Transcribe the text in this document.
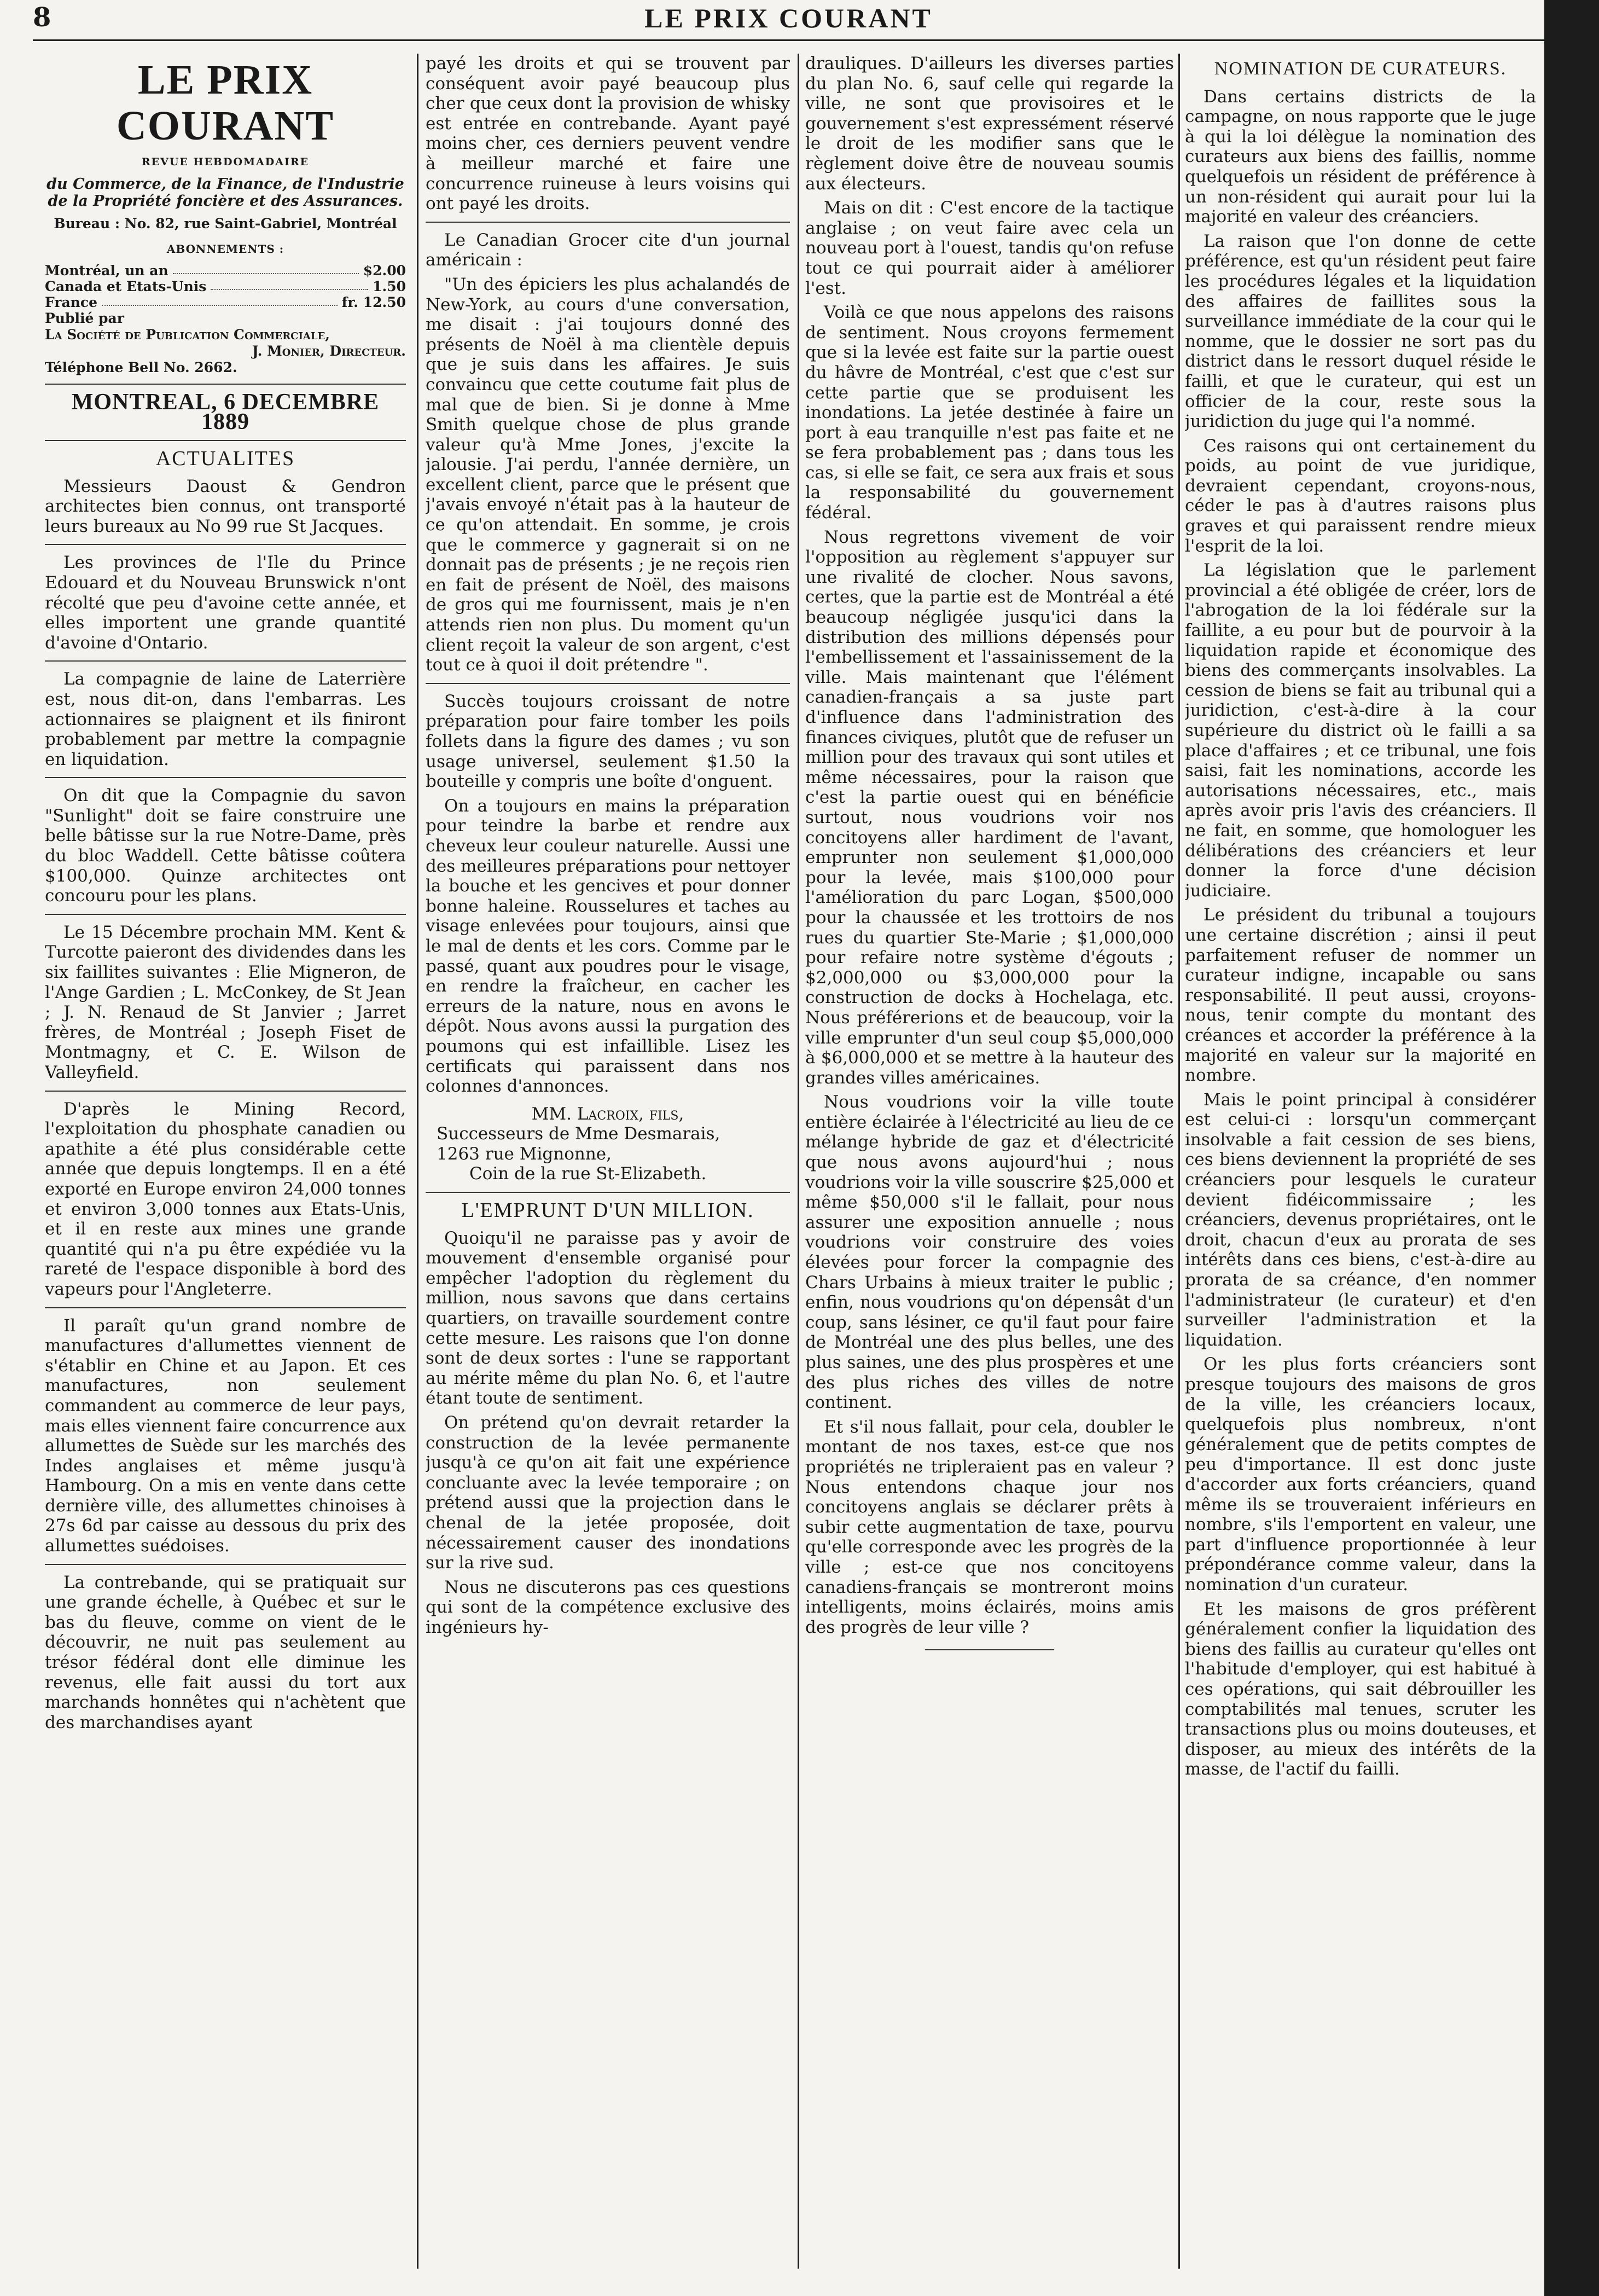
LE PRIX COURANT
8
LE PRIX COURANT
REVUE HEBDOMADAIRE
du Commerce, de la Finance, de l'Industrie de la Propriété foncière et des Assurances.
Bureau : No. 82, rue Saint-Gabriel, Montréal
ABONNEMENTS :
Montréal, un an	$2.00
Canada et Etats-Unis	1.50
France	fr. 12.50
Publié par
La Société de Publication Commerciale,
J. Monier, Directeur.
Téléphone Bell No. 2662.
MONTREAL, 6 DECEMBRE 1889
ACTUALITES

Messieurs Daoust & Gendron architectes bien connus, ont transporté leurs bureaux au No 99 rue St Jacques.

Les provinces de l'Ile du Prince Edouard et du Nouveau Brunswick n'ont récolté que peu d'avoine cette année, et elles importent une grande quantité d'avoine d'Ontario.

La compagnie de laine de Laterrière est, nous dit-on, dans l'embarras. Les actionnaires se plaignent et ils finiront probablement par mettre la compagnie en liquidation.

On dit que la Compagnie du savon "Sunlight" doit se faire construire une belle bâtisse sur la rue Notre-Dame, près du bloc Waddell. Cette bâtisse coûtera $100,000. Quinze architectes ont concouru pour les plans.

Le 15 Décembre prochain MM. Kent & Turcotte paieront des dividendes dans les six faillites suivantes : Elie Migneron, de l'Ange Gardien ; L. McConkey, de St Jean ; J. N. Renaud de St Janvier ; Jarret frères, de Montréal ; Joseph Fiset de Montmagny, et C. E. Wilson de Valleyfield.

D'après le Mining Record, l'exploitation du phosphate canadien ou apathite a été plus considérable cette année que depuis longtemps. Il en a été exporté en Europe environ 24,000 tonnes et environ 3,000 tonnes aux Etats-Unis, et il en reste aux mines une grande quantité qui n'a pu être expédiée vu la rareté de l'espace disponible à bord des vapeurs pour l'Angleterre.

Il paraît qu'un grand nombre de manufactures d'allumettes viennent de s'établir en Chine et au Japon. Et ces manufactures, non seulement commandent au commerce de leur pays, mais elles viennent faire concurrence aux allumettes de Suède sur les marchés des Indes anglaises et même jusqu'à Hambourg. On a mis en vente dans cette dernière ville, des allumettes chinoises à 27s 6d par caisse au dessous du prix des allumettes suédoises.

La contrebande, qui se pratiquait sur une grande échelle, à Québec et sur le bas du fleuve, comme on vient de le découvrir, ne nuit pas seulement au trésor fédéral dont elle diminue les revenus, elle fait aussi du tort aux marchands honnêtes qui n'achètent que des marchandises ayant

payé les droits et qui se trouvent par conséquent avoir payé beaucoup plus cher que ceux dont la provision de whisky est entrée en contrebande. Ayant payé moins cher, ces derniers peuvent vendre à meilleur marché et faire une concurrence ruineuse à leurs voisins qui ont payé les droits.

Le Canadian Grocer cite d'un journal américain :

"Un des épiciers les plus achalandés de New-York, au cours d'une conversation, me disait : j'ai toujours donné des présents de Noël à ma clientèle depuis que je suis dans les affaires. Je suis convaincu que cette coutume fait plus de mal que de bien. Si je donne à Mme Smith quelque chose de plus grande valeur qu'à Mme Jones, j'excite la jalousie. J'ai perdu, l'année dernière, un excellent client, parce que le présent que j'avais envoyé n'était pas à la hauteur de ce qu'on attendait. En somme, je crois que le commerce y gagnerait si on ne donnait pas de présents ; je ne reçois rien en fait de présent de Noël, des maisons de gros qui me fournissent, mais je n'en attends rien non plus. Du moment qu'un client reçoit la valeur de son argent, c'est tout ce à quoi il doit prétendre ".

Succès toujours croissant de notre préparation pour faire tomber les poils follets dans la figure des dames ; vu son usage universel, seulement $1.50 la bouteille y compris une boîte d'onguent.

On a toujours en mains la préparation pour teindre la barbe et rendre aux cheveux leur couleur naturelle. Aussi une des meilleures préparations pour nettoyer la bouche et les gencives et pour donner bonne haleine. Rousselures et taches au visage enlevées pour toujours, ainsi que le mal de dents et les cors. Comme par le passé, quant aux poudres pour le visage, en rendre la fraîcheur, en cacher les erreurs de la nature, nous en avons le dépôt. Nous avons aussi la purgation des poumons qui est infaillible. Lisez les certificats qui paraissent dans nos colonnes d'annonces.

MM. Lacroix, fils,

Successeurs de Mme Desmarais,

1263 rue Mignonne,

Coin de la rue St-Elizabeth.

L'EMPRUNT D'UN MILLION.

Quoiqu'il ne paraisse pas y avoir de mouvement d'ensemble organisé pour empêcher l'adoption du règlement du million, nous savons que dans certains quartiers, on travaille sourdement contre cette mesure. Les raisons que l'on donne sont de deux sortes : l'une se rapportant au mérite même du plan No. 6, et l'autre étant toute de sentiment.

On prétend qu'on devrait retarder la construction de la levée permanente jusqu'à ce qu'on ait fait une expérience concluante avec la levée temporaire ; on prétend aussi que la projection dans le chenal de la jetée proposée, doit nécessairement causer des inondations sur la rive sud.

Nous ne discuterons pas ces questions qui sont de la compétence exclusive des ingénieurs hy-

drauliques. D'ailleurs les diverses parties du plan No. 6, sauf celle qui regarde la ville, ne sont que provisoires et le gouvernement s'est expressément réservé le droit de les modifier sans que le règlement doive être de nouveau soumis aux électeurs.

Mais on dit : C'est encore de la tactique anglaise ; on veut faire avec cela un nouveau port à l'ouest, tandis qu'on refuse tout ce qui pourrait aider à améliorer l'est.

Voilà ce que nous appelons des raisons de sentiment. Nous croyons fermement que si la levée est faite sur la partie ouest du hâvre de Montréal, c'est que c'est sur cette partie que se produisent les inondations. La jetée destinée à faire un port à eau tranquille n'est pas faite et ne se fera probablement pas ; dans tous les cas, si elle se fait, ce sera aux frais et sous la responsabilité du gouvernement fédéral.

Nous regrettons vivement de voir l'opposition au règlement s'appuyer sur une rivalité de clocher. Nous savons, certes, que la partie est de Montréal a été beaucoup négligée jusqu'ici dans la distribution des millions dépensés pour l'embellissement et l'assainissement de la ville. Mais maintenant que l'élément canadien-français a sa juste part d'influence dans l'administration des finances civiques, plutôt que de refuser un million pour des travaux qui sont utiles et même nécessaires, pour la raison que c'est la partie ouest qui en bénéficie surtout, nous voudrions voir nos concitoyens aller hardiment de l'avant, emprunter non seulement $1,000,000 pour la levée, mais $100,000 pour l'amélioration du parc Logan, $500,000 pour la chaussée et les trottoirs de nos rues du quartier Ste-Marie ; $1,000,000 pour refaire notre système d'égouts ; $2,000,000 ou $3,000,000 pour la construction de docks à Hochelaga, etc. Nous préférerions et de beaucoup, voir la ville emprunter d'un seul coup $5,000,000 à $6,000,000 et se mettre à la hauteur des grandes villes américaines.

Nous voudrions voir la ville toute entière éclairée à l'électricité au lieu de ce mélange hybride de gaz et d'électricité que nous avons aujourd'hui ; nous voudrions voir la ville souscrire $25,000 et même $50,000 s'il le fallait, pour nous assurer une exposition annuelle ; nous voudrions voir construire des voies élevées pour forcer la compagnie des Chars Urbains à mieux traiter le public ; enfin, nous voudrions qu'on dépensât d'un coup, sans lésiner, ce qu'il faut pour faire de Montréal une des plus belles, une des plus saines, une des plus prospères et une des plus riches des villes de notre continent.

Et s'il nous fallait, pour cela, doubler le montant de nos taxes, est-ce que nos propriétés ne tripleraient pas en valeur ? Nous entendons chaque jour nos concitoyens anglais se déclarer prêts à subir cette augmentation de taxe, pourvu qu'elle corresponde avec les progrès de la ville ; est-ce que nos concitoyens canadiens-français se montreront moins intelligents, moins éclairés, moins amis des progrès de leur ville ?

NOMINATION DE CURATEURS.

Dans certains districts de la campagne, on nous rapporte que le juge à qui la loi délègue la nomination des curateurs aux biens des faillis, nomme quelquefois un résident de préférence à un non-résident qui aurait pour lui la majorité en valeur des créanciers.

La raison que l'on donne de cette préférence, est qu'un résident peut faire les procédures légales et la liquidation des affaires de faillites sous la surveillance immédiate de la cour qui le nomme, que le dossier ne sort pas du district dans le ressort duquel réside le failli, et que le curateur, qui est un officier de la cour, reste sous la juridiction du juge qui l'a nommé.

Ces raisons qui ont certainement du poids, au point de vue juridique, devraient cependant, croyons-nous, céder le pas à d'autres raisons plus graves et qui paraissent rendre mieux l'esprit de la loi.

La législation que le parlement provincial a été obligée de créer, lors de l'abrogation de la loi fédérale sur la faillite, a eu pour but de pourvoir à la liquidation rapide et économique des biens des commerçants insolvables. La cession de biens se fait au tribunal qui a juridiction, c'est-à-dire à la cour supérieure du district où le failli a sa place d'affaires ; et ce tribunal, une fois saisi, fait les nominations, accorde les autorisations nécessaires, etc., mais après avoir pris l'avis des créanciers. Il ne fait, en somme, que homologuer les délibérations des créanciers et leur donner la force d'une décision judiciaire.

Le président du tribunal a toujours une certaine discrétion ; ainsi il peut parfaitement refuser de nommer un curateur indigne, incapable ou sans responsabilité. Il peut aussi, croyons-nous, tenir compte du montant des créances et accorder la préférence à la majorité en valeur sur la majorité en nombre.

Mais le point principal à considérer est celui-ci : lorsqu'un commerçant insolvable a fait cession de ses biens, ces biens deviennent la propriété de ses créanciers pour lesquels le curateur devient fidéicommissaire ; les créanciers, devenus propriétaires, ont le droit, chacun d'eux au prorata de ses intérêts dans ces biens, c'est-à-dire au prorata de sa créance, d'en nommer l'administrateur (le curateur) et d'en surveiller l'administration et la liquidation.

Or les plus forts créanciers sont presque toujours des maisons de gros de la ville, les créanciers locaux, quelquefois plus nombreux, n'ont généralement que de petits comptes de peu d'importance. Il est donc juste d'accorder aux forts créanciers, quand même ils se trouveraient inférieurs en nombre, s'ils l'emportent en valeur, une part d'influence proportionnée à leur prépondérance comme valeur, dans la nomination d'un curateur.

Et les maisons de gros préfèrent généralement confier la liquidation des biens des faillis au curateur qu'elles ont l'habitude d'employer, qui est habitué à ces opérations, qui sait débrouiller les comptabilités mal tenues, scruter les transactions plus ou moins douteuses, et disposer, au mieux des intérêts de la masse, de l'actif du failli.
